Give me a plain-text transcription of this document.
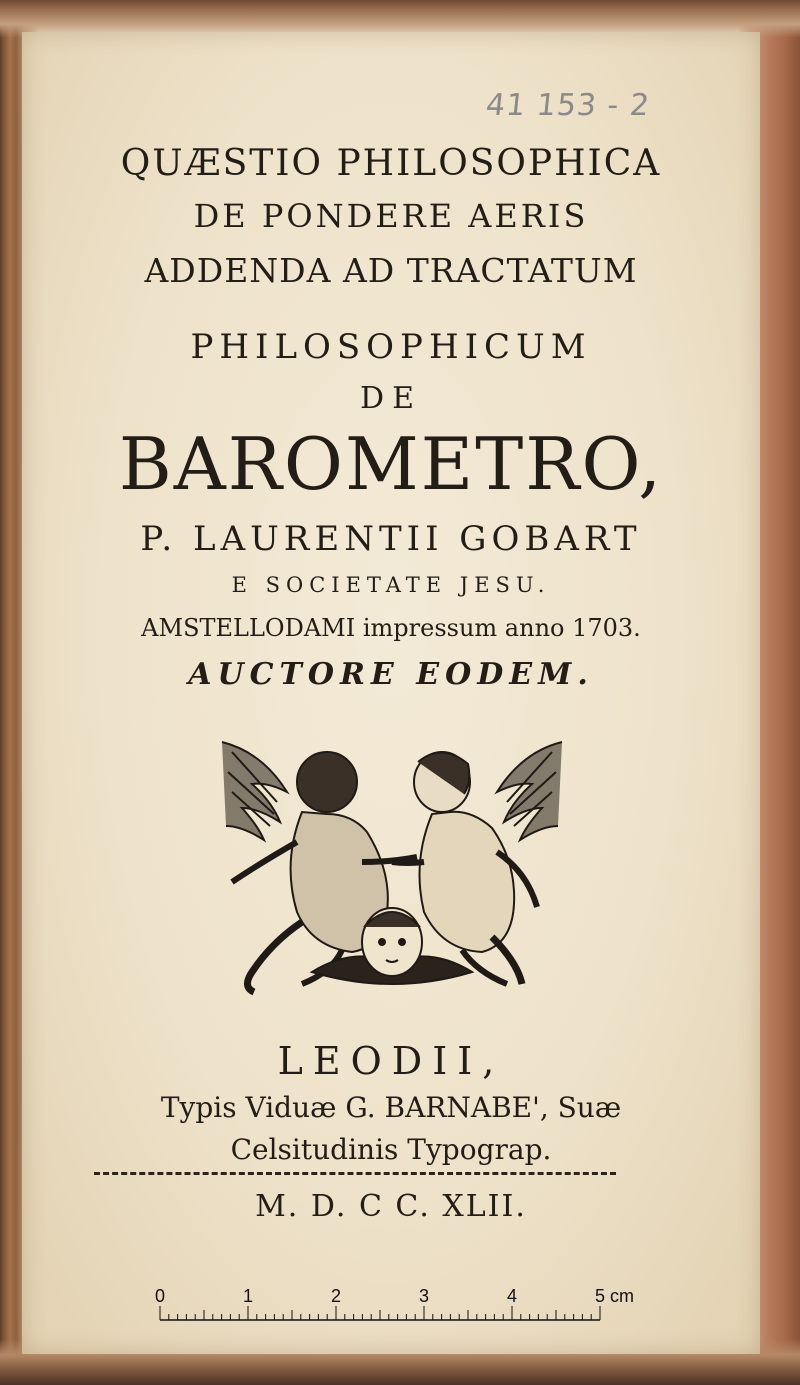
41 153 - 2
QUÆSTIO PHILOSOPHICA
DE PONDERE AERIS
ADDENDA AD TRACTATUM
PHILOSOPHICUM
DE
BAROMETRO,
P. LAURENTII GOBART
E SOCIETATE JESU.
AMSTELLODAMI impressum anno 1703.
AUCTORE EODEM.
LEODII,
Typis Viduæ G. BARNABE', Suæ
Celsitudinis Typograp.
M. D. C C. XLII.
0	1	2	3	4	5 cm
